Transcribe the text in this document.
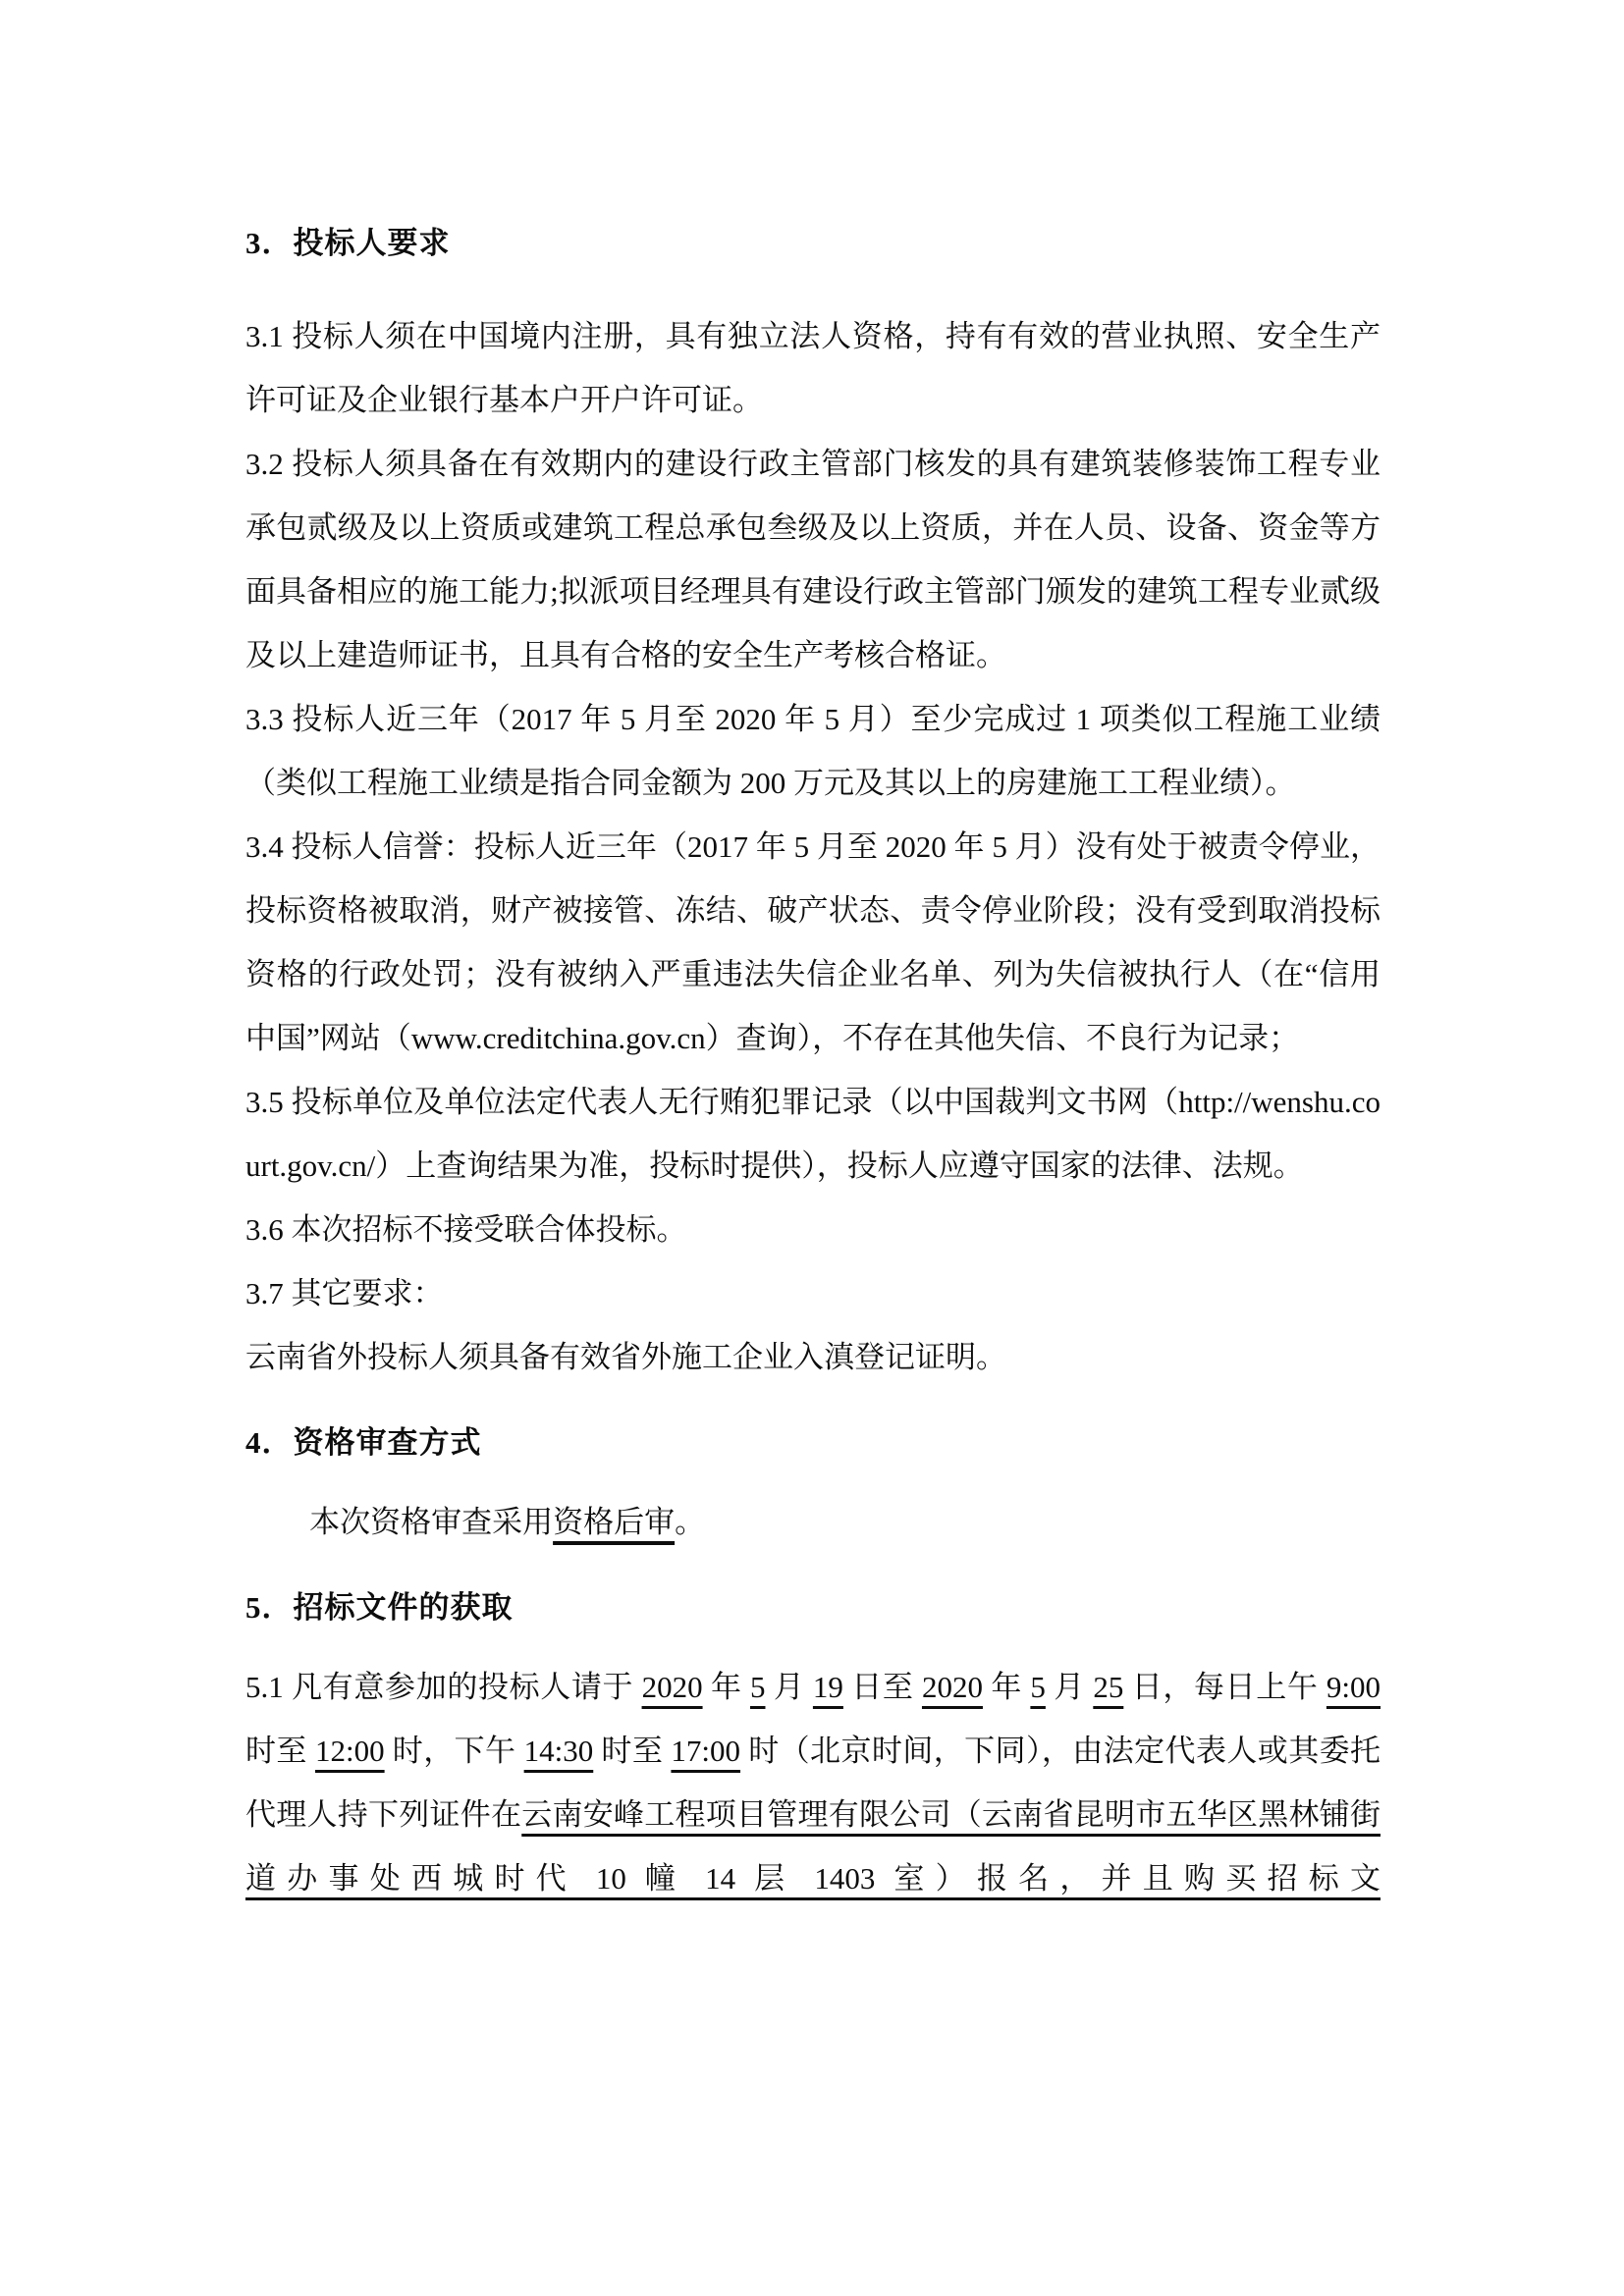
3．投标人要求

3.1 投标人须在中国境内注册，具有独立法人资格，持有有效的营业执照、安全生产许可证及企业银行基本户开户许可证。

3.2 投标人须具备在有效期内的建设行政主管部门核发的具有建筑装修装饰工程专业承包贰级及以上资质或建筑工程总承包叁级及以上资质，并在人员、设备、资金等方面具备相应的施工能力;拟派项目经理具有建设行政主管部门颁发的建筑工程专业贰级及以上建造师证书，且具有合格的安全生产考核合格证。

3.3 投标人近三年（2017 年 5 月至 2020 年 5 月）至少完成过 1 项类似工程施工业绩（类似工程施工业绩是指合同金额为 200 万元及其以上的房建施工工程业绩）。

3.4 投标人信誉：投标人近三年（2017 年 5 月至 2020 年 5 月）没有处于被责令停业，投标资格被取消，财产被接管、冻结、破产状态、责令停业阶段；没有受到取消投标资格的行政处罚；没有被纳入严重违法失信企业名单、列为失信被执行人（在“信用中国”网站（www.creditchina.gov.cn）查询），不存在其他失信、不良行为记录；

3.5 投标单位及单位法定代表人无行贿犯罪记录（以中国裁判文书网（http://wenshu.court.gov.cn/）上查询结果为准，投标时提供），投标人应遵守国家的法律、法规。

3.6 本次招标不接受联合体投标。

3.7 其它要求：

云南省外投标人须具备有效省外施工企业入滇登记证明。

4．资格审查方式

本次资格审查采用资格后审。

5．招标文件的获取

5.1 凡有意参加的投标人请于 2020 年 5 月 19 日至 2020 年 5 月 25 日，每日上午 9:00 时至 12:00 时，下午 14:30 时至 17:00 时（北京时间，下同），由法定代表人或其委托代理人持下列证件在云南安峰工程项目管理有限公司（云南省昆明市五华区黑林铺街道办事处西城时代 10 幢 14 层 1403 室）报名，并且购买招标文
